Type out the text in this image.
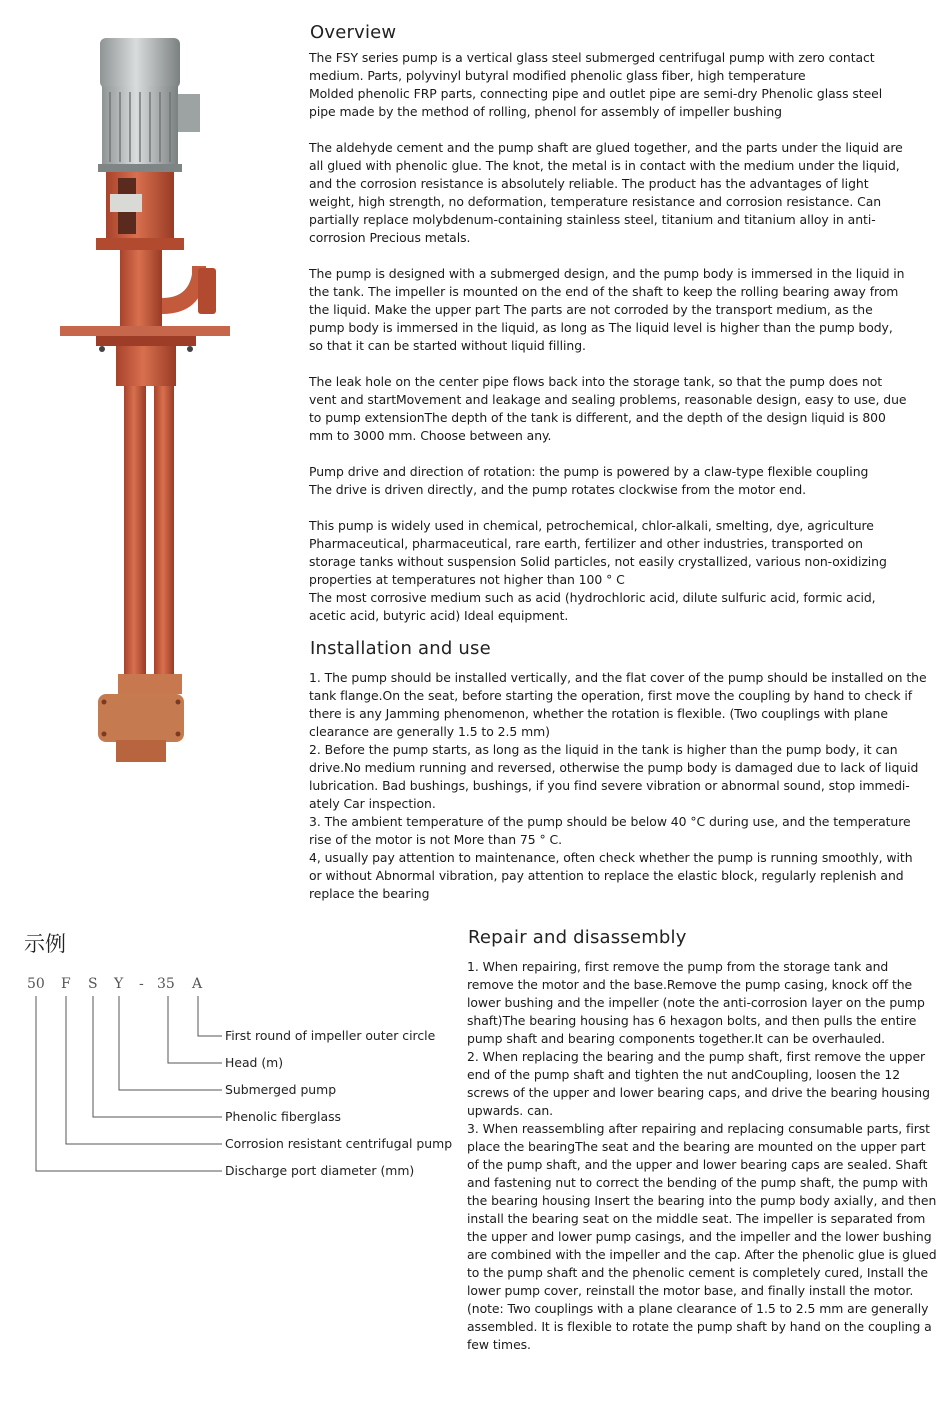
Overview

The FSY series pump is a vertical glass steel submerged centrifugal pump with zero contact
medium. Parts, polyvinyl butyral modified phenolic glass fiber, high temperature
Molded phenolic FRP parts, connecting pipe and outlet pipe are semi-dry Phenolic glass steel
pipe made by the method of rolling, phenol for assembly of impeller bushing

The aldehyde cement and the pump shaft are glued together, and the parts under the liquid are
all glued with phenolic glue. The knot, the metal is in contact with the medium under the liquid,
and the corrosion resistance is absolutely reliable. The product has the advantages of light
weight, high strength, no deformation, temperature resistance and corrosion resistance. Can
partially replace molybdenum-containing stainless steel, titanium and titanium alloy in anti-
corrosion Precious metals.

The pump is designed with a submerged design, and the pump body is immersed in the liquid in
the tank. The impeller is mounted on the end of the shaft to keep the rolling bearing away from
the liquid. Make the upper part The parts are not corroded by the transport medium, as the
pump body is immersed in the liquid, as long as The liquid level is higher than the pump body,
so that it can be started without liquid filling.

The leak hole on the center pipe flows back into the storage tank, so that the pump does not
vent and startMovement and leakage and sealing problems, reasonable design, easy to use, due
to pump extensionThe depth of the tank is different, and the depth of the design liquid is 800
mm to 3000 mm. Choose between any.

Pump drive and direction of rotation: the pump is powered by a claw-type flexible coupling
The drive is driven directly, and the pump rotates clockwise from the motor end.

This pump is widely used in chemical, petrochemical, chlor-alkali, smelting, dye, agriculture
Pharmaceutical, pharmaceutical, rare earth, fertilizer and other industries, transported on
storage tanks without suspension Solid particles, not easily crystallized, various non-oxidizing
properties at temperatures not higher than 100 ° C
The most corrosive medium such as acid (hydrochloric acid, dilute sulfuric acid, formic acid,
acetic acid, butyric acid) Ideal equipment.

Installation and use

1. The pump should be installed vertically, and the flat cover of the pump should be installed on the
tank flange.On the seat, before starting the operation, first move the coupling by hand to check if
there is any Jamming phenomenon, whether the rotation is flexible. (Two couplings with plane
clearance are generally 1.5 to 2.5 mm)
2. Before the pump starts, as long as the liquid in the tank is higher than the pump body, it can
drive.No medium running and reversed, otherwise the pump body is damaged due to lack of liquid
lubrication. Bad bushings, bushings, if you find severe vibration or abnormal sound, stop immedi-
ately Car inspection.
3. The ambient temperature of the pump should be below 40 °C during use, and the temperature
rise of the motor is not More than 75 ° C.
4, usually pay attention to maintenance, often check whether the pump is running smoothly, with
or without Abnormal vibration, pay attention to replace the elastic block, regularly replenish and
replace the bearing

示例
50 F S Y - 35 A
First round of impeller outer circle
Head (m)
Submerged pump
Phenolic fiberglass
Corrosion resistant centrifugal pump
Discharge port diameter (mm)
Repair and disassembly

1. When repairing, first remove the pump from the storage tank and
remove the motor and the base.Remove the pump casing, knock off the
lower bushing and the impeller (note the anti-corrosion layer on the pump
shaft)The bearing housing has 6 hexagon bolts, and then pulls the entire
pump shaft and bearing components together.It can be overhauled.
2. When replacing the bearing and the pump shaft, first remove the upper
end of the pump shaft and tighten the nut andCoupling, loosen the 12
screws of the upper and lower bearing caps, and drive the bearing housing
upwards. can.
3. When reassembling after repairing and replacing consumable parts, first
place the bearingThe seat and the bearing are mounted on the upper part
of the pump shaft, and the upper and lower bearing caps are sealed. Shaft
and fastening nut to correct the bending of the pump shaft, the pump with
the bearing housing Insert the bearing into the pump body axially, and then
install the bearing seat on the middle seat. The impeller is separated from
the upper and lower pump casings, and the impeller and the lower bushing
are combined with the impeller and the cap. After the phenolic glue is glued
to the pump shaft and the phenolic cement is completely cured, Install the
lower pump cover, reinstall the motor base, and finally install the motor.
(note: Two couplings with a plane clearance of 1.5 to 2.5 mm are generally
assembled. It is flexible to rotate the pump shaft by hand on the coupling a
few times.
